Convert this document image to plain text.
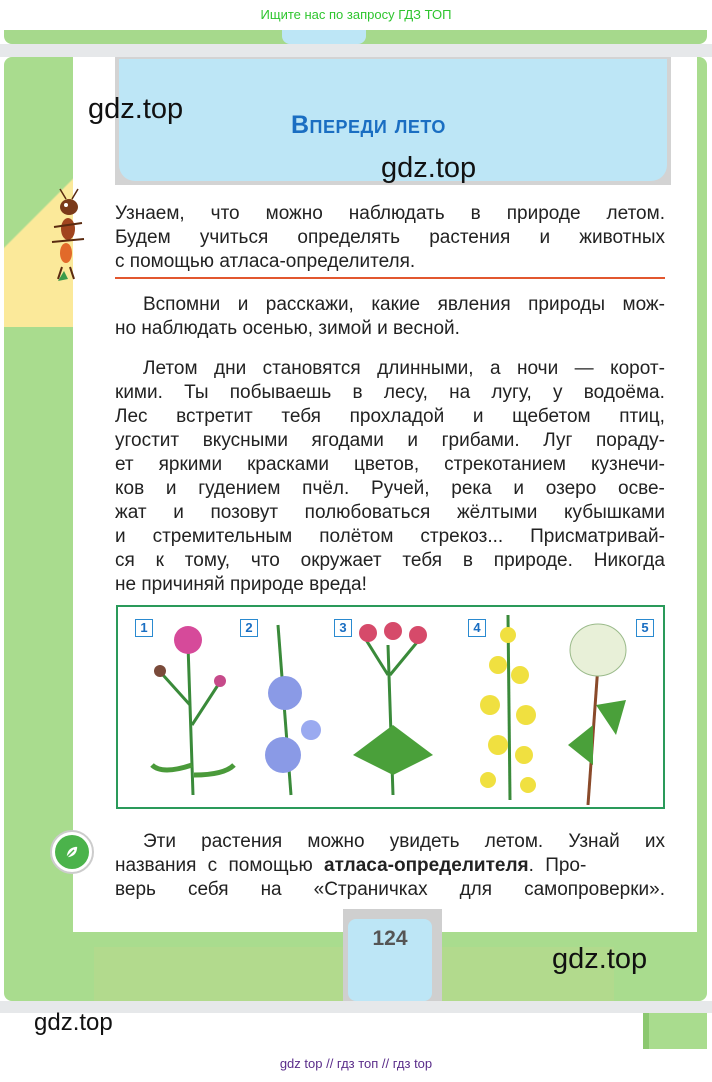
Ищите нас по запросу ГДЗ ТОП
Впереди лето
gdz.top
gdz.top
Узнаем, что можно наблюдать в природе летом.
Будем учиться определять растения и животных
с помощью атласа-определителя.
Вспомни и расскажи, какие явления природы мож-
но наблюдать осенью, зимой и весной.
Летом дни становятся длинными, а ночи — корот-
кими. Ты побываешь в лесу, на лугу, у водоёма.
Лес встретит тебя прохладой и щебетом птиц,
угостит вкусными ягодами и грибами. Луг пораду-
ет яркими красками цветов, стрекотанием кузнечи-
ков и гудением пчёл. Ручей, река и озеро осве-
жат и позовут полюбоваться жёлтыми кубышками
и стремительным полётом стрекоз... Присматривай-
ся к тому, что окружает тебя в природе. Никогда
не причиняй природе вреда!
1	2	3	4	5
Эти растения можно увидеть летом. Узнай их
названия с помощью атласа-определителя. Про-
верь себя на «Страничках для самопроверки».
124
gdz.top
gdz.top
gdz top // гдз топ // гдз top
